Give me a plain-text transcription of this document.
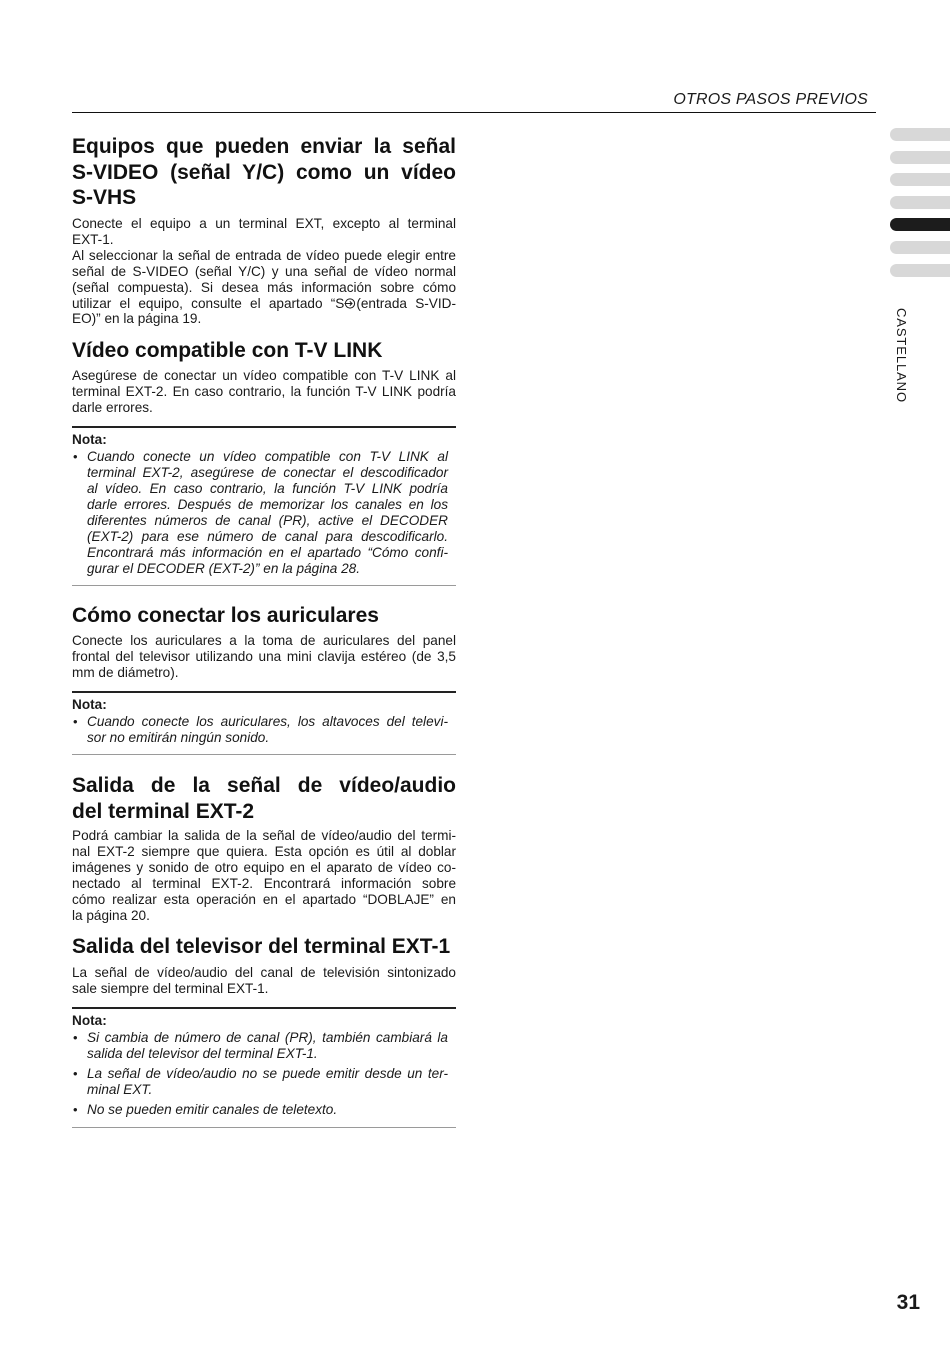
OTROS PASOS PREVIOS
CASTELLANO
Equipos que pueden enviar la señal
S-VIDEO (señal Y/C) como un vídeo
S-VHS
Conecte el equipo a un terminal EXT, excepto al terminal
EXT-1.
Al seleccionar la señal de entrada de vídeo puede elegir entre
señal de S-VIDEO (señal Y/C) y una señal de vídeo normal
(señal compuesta). Si desea más información sobre cómo
utilizar el equipo, consulte el apartado “S (entrada S-VID-
EO)” en la página 19.
Vídeo compatible con T-V LINK
Asegúrese de conectar un vídeo compatible con T-V LINK al
terminal EXT-2. En caso contrario, la función T-V LINK podría
darle errores.
Nota:
•
Cuando conecte un vídeo compatible con T-V LINK al
terminal EXT-2, asegúrese de conectar el descodificador
al vídeo. En caso contrario, la función T-V LINK podría
darle errores. Después de memorizar los canales en los
diferentes números de canal (PR), active el DECODER
(EXT-2) para ese número de canal para descodificarlo.
Encontrará más información en el apartado “Cómo confi-
gurar el DECODER (EXT-2)” en la página 28.
Cómo conectar los auriculares
Conecte los auriculares a la toma de auriculares del panel
frontal del televisor utilizando una mini clavija estéreo (de 3,5
mm de diámetro).
Nota:
•
Cuando conecte los auriculares, los altavoces del televi-
sor no emitirán ningún sonido.
Salida de la señal de vídeo/audio
del terminal EXT-2
Podrá cambiar la salida de la señal de vídeo/audio del termi-
nal EXT-2 siempre que quiera. Esta opción es útil al doblar
imágenes y sonido de otro equipo en el aparato de vídeo co-
nectado al terminal EXT-2. Encontrará información sobre
cómo realizar esta operación en el apartado “DOBLAJE” en
la página 20.
Salida del televisor del terminal EXT-1
La señal de vídeo/audio del canal de televisión sintonizado
sale siempre del terminal EXT-1.
Nota:
•
Si cambia de número de canal (PR), también cambiará la
salida del televisor del terminal EXT-1.
•
La señal de vídeo/audio no se puede emitir desde un ter-
minal EXT.
•
No se pueden emitir canales de teletexto.
31
